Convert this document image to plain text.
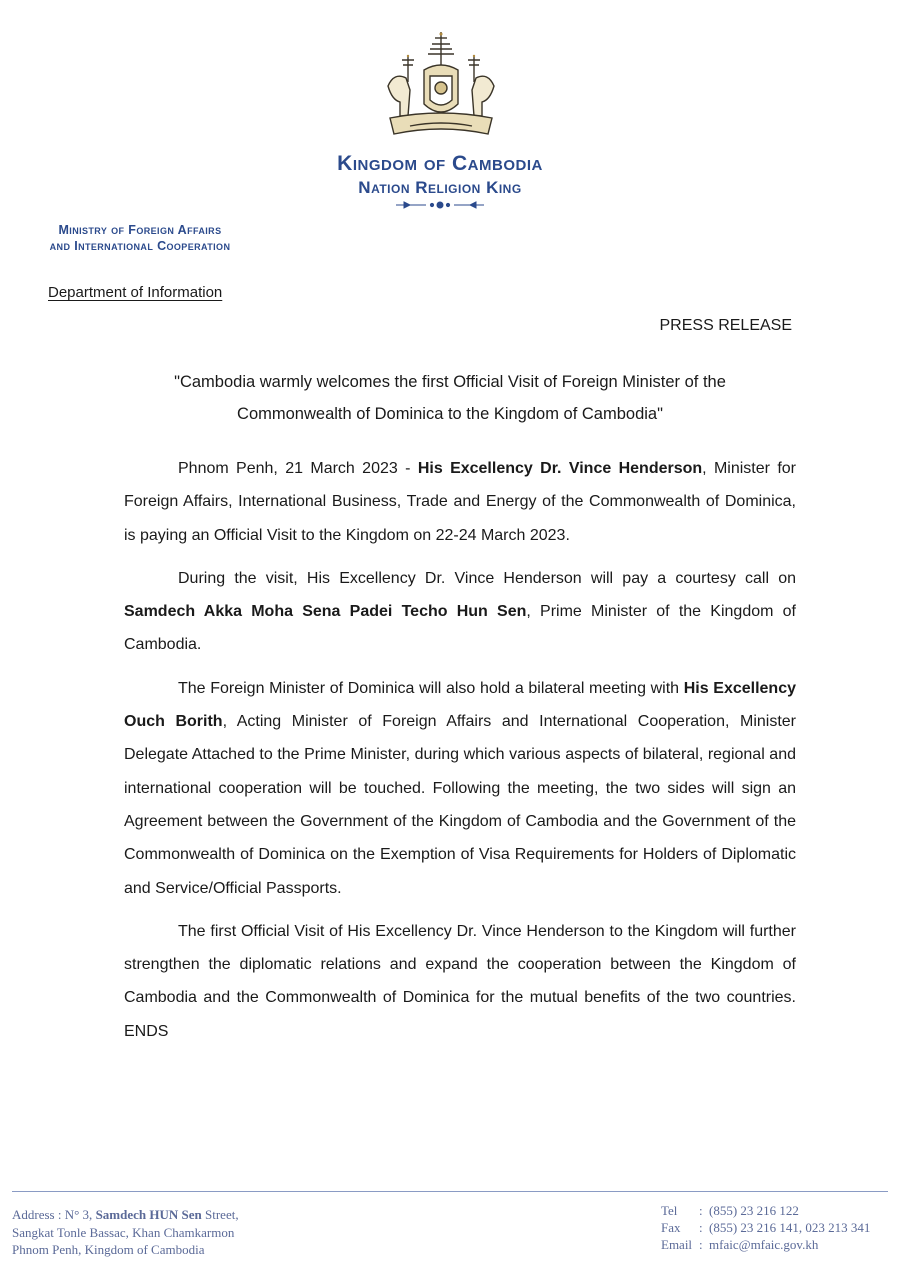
Kingdom of Cambodia
Nation Religion King
Ministry of Foreign Affairs
and International Cooperation
Department of Information
PRESS RELEASE
"Cambodia warmly welcomes the first Official Visit of Foreign Minister of the
Commonwealth of Dominica to the Kingdom of Cambodia"

Phnom Penh, 21 March 2023 - His Excellency Dr. Vince Henderson, Minister for Foreign Affairs, International Business, Trade and Energy of the Commonwealth of Dominica, is paying an Official Visit to the Kingdom on 22-24 March 2023.

During the visit, His Excellency Dr. Vince Henderson will pay a courtesy call on Samdech Akka Moha Sena Padei Techo Hun Sen, Prime Minister of the Kingdom of Cambodia.

The Foreign Minister of Dominica will also hold a bilateral meeting with His Excellency Ouch Borith, Acting Minister of Foreign Affairs and International Cooperation, Minister Delegate Attached to the Prime Minister, during which various aspects of bilateral, regional and international cooperation will be touched. Following the meeting, the two sides will sign an Agreement between the Government of the Kingdom of Cambodia and the Government of the Commonwealth of Dominica on the Exemption of Visa Requirements for Holders of Diplomatic and Service/Official Passports.

The first Official Visit of His Excellency Dr. Vince Henderson to the Kingdom will further strengthen the diplomatic relations and expand the cooperation between the Kingdom of Cambodia and the Commonwealth of Dominica for the mutual benefits of the two countries. ENDS

Address : N° 3, Samdech HUN Sen Street,
Sangkat Tonle Bassac, Khan Chamkarmon
Phnom Penh, Kingdom of Cambodia
Tel	: (855) 23 216 122
Fax	: (855) 23 216 141, 023 213 341
Email : mfaic@mfaic.gov.kh
